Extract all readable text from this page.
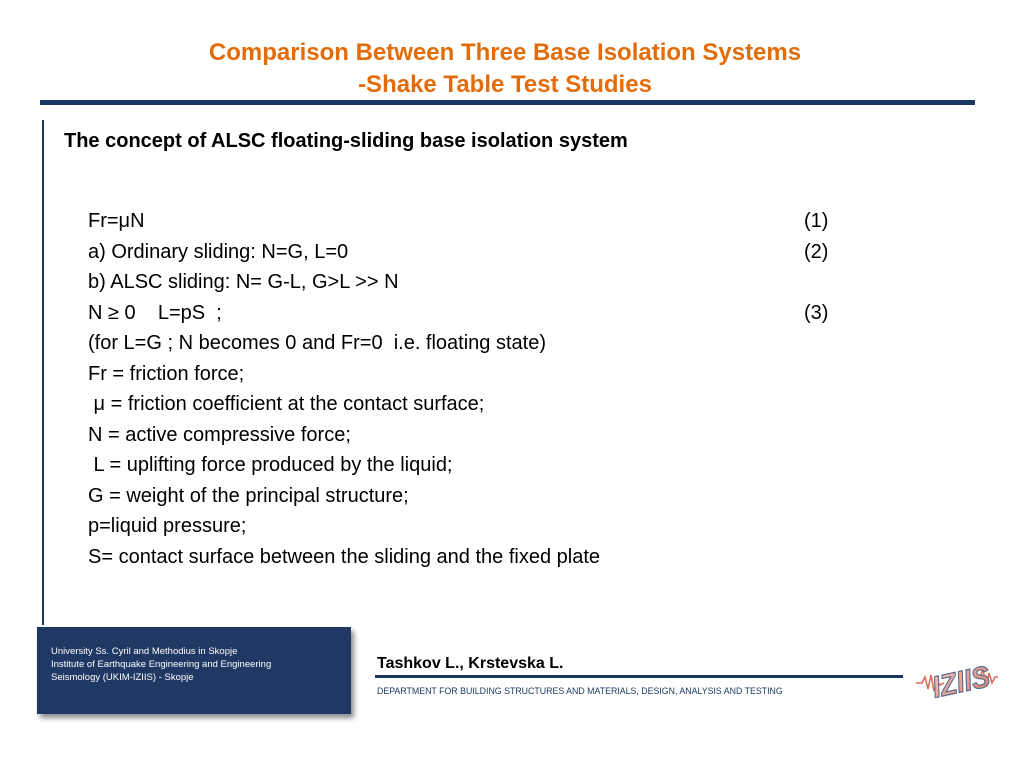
Comparison Between Three Base Isolation Systems
-Shake Table Test Studies
The concept of ALSC floating-sliding base isolation system
Fr=μN	(1)
a) Ordinary sliding: N=G, L=0	(2)
b) ALSC sliding: N= G-L, G>L >> N
N ≥ 0    L=pS  ;	(3)
(for L=G ; N becomes 0 and Fr=0  i.e. floating state)
Fr = friction force;
μ = friction coefficient at the contact surface;
N = active compressive force;
L = uplifting force produced by the liquid;
G = weight of the principal structure;
p=liquid pressure;
S= contact surface between the sliding and the fixed plate
University Ss. Cyril and Methodius in Skopje
Institute of Earthquake Engineering and Engineering
Seismology (UKIM-IZIIS) - Skopje
Tashkov L., Krstevska L.
DEPARTMENT FOR BUILDING STRUCTURES AND MATERIALS, DESIGN, ANALYSIS AND TESTING	IZIIS
